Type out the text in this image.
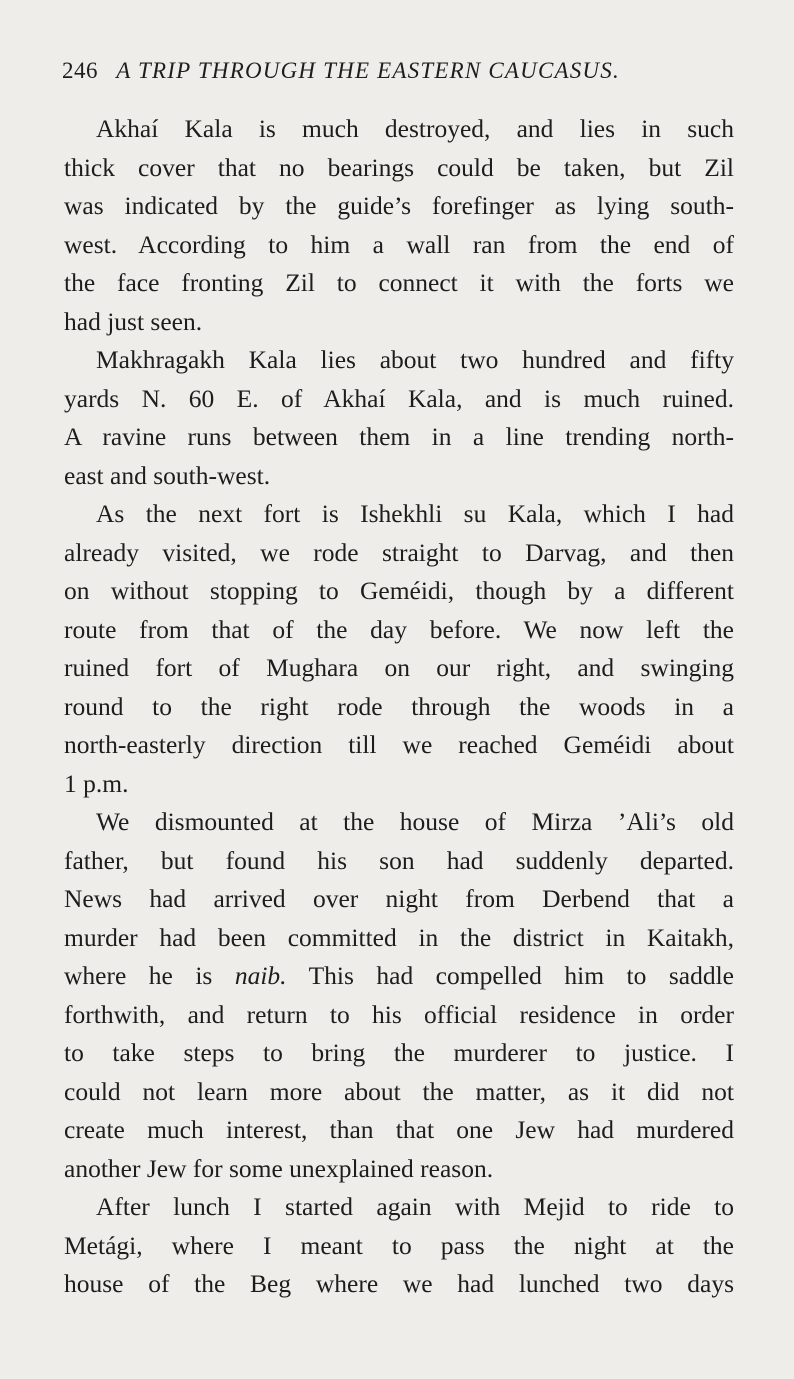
246 A TRIP THROUGH THE EASTERN CAUCASUS.
Akhaí Kala is much destroyed, and lies in such
thick cover that no bearings could be taken, but Zil
was indicated by the guide’s forefinger as lying south-
west. According to him a wall ran from the end of
the face fronting Zil to connect it with the forts we
had just seen.
Makhragakh Kala lies about two hundred and fifty
yards N. 60 E. of Akhaí Kala, and is much ruined.
A ravine runs between them in a line trending north-
east and south-west.
As the next fort is Ishekhli su Kala, which I had
already visited, we rode straight to Darvag, and then
on without stopping to Geméidi, though by a different
route from that of the day before. We now left the
ruined fort of Mughara on our right, and swinging
round to the right rode through the woods in a
north-easterly direction till we reached Geméidi about
1 p.m.
We dismounted at the house of Mirza ’Ali’s old
father, but found his son had suddenly departed.
News had arrived over night from Derbend that a
murder had been committed in the district in Kaitakh,
where he is naib. This had compelled him to saddle
forthwith, and return to his official residence in order
to take steps to bring the murderer to justice. I
could not learn more about the matter, as it did not
create much interest, than that one Jew had murdered
another Jew for some unexplained reason.
After lunch I started again with Mejid to ride to
Metági, where I meant to pass the night at the
house of the Beg where we had lunched two days
